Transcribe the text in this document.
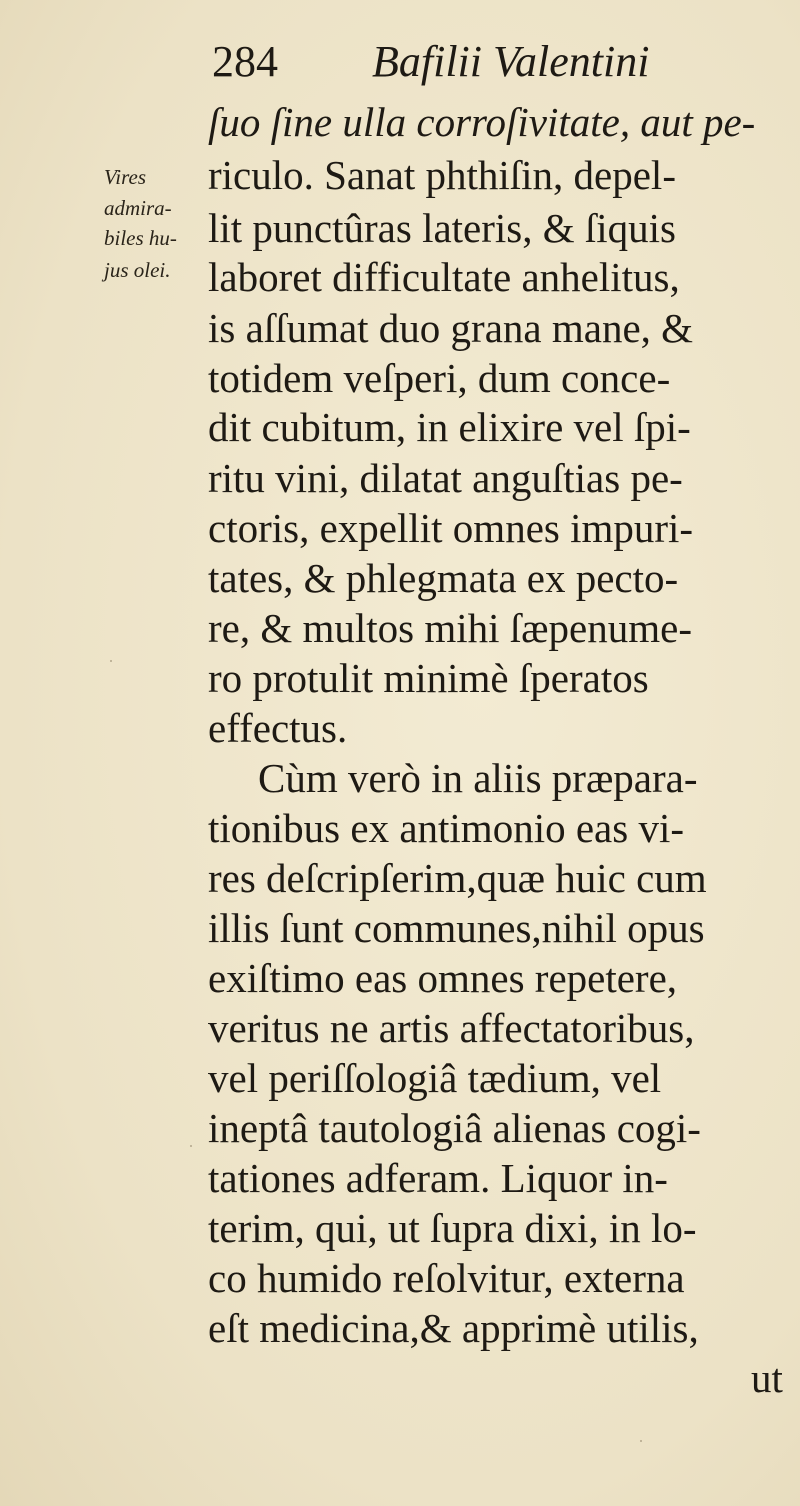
284 Bafilii Valentini
Vires
admira-
biles hu-
jus olei.
ſuo ſine ulla corroſivitate, aut pe-
riculo. Sanat phthiſin, depel-
lit punctûras lateris, & ſiquis
laboret difficultate anhelitus,
is aſſumat duo grana mane, &
totidem veſperi, dum conce-
dit cubitum, in elixire vel ſpi-
ritu vini, dilatat anguſtias pe-
ctoris, expellit omnes impuri-
tates, & phlegmata ex pecto-
re, & multos mihi ſæpenume-
ro protulit minimè ſperatos
effectus.
Cùm verò in aliis præpara-
tionibus ex antimonio eas vi-
res deſcripſerim,quæ huic cum
illis ſunt communes,nihil opus
exiſtimo eas omnes repetere,
veritus ne artis affectatoribus,
vel periſſologiâ tædium, vel
ineptâ tautologiâ alienas cogi-
tationes adferam. Liquor in-
terim, qui, ut ſupra dixi, in lo-
co humido reſolvitur, externa
eſt medicina,& apprimè utilis,
ut
